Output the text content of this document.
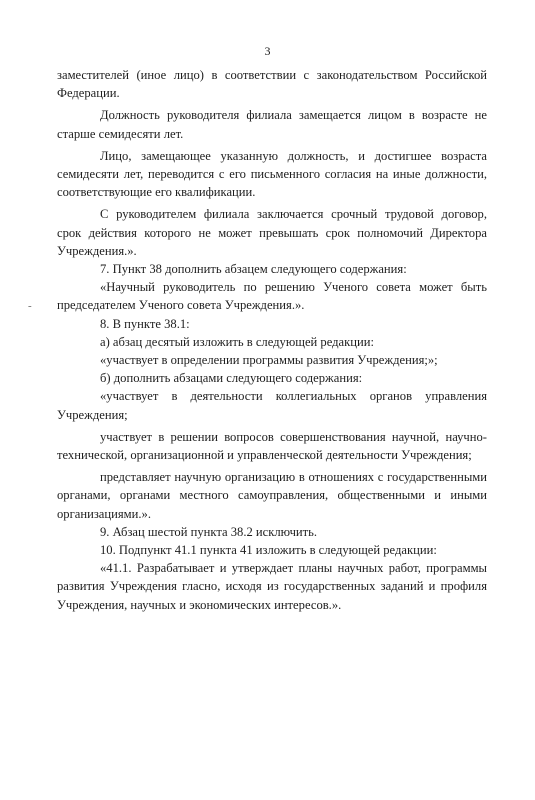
3
-

заместителей (иное лицо) в соответствии с законодательством Российской Федерации.

Должность руководителя филиала замещается лицом в возрасте не старше семидесяти лет.

Лицо, замещающее указанную должность, и достигшее возраста семидесяти лет, переводится с его письменного согласия на иные должности, соответствующие его квалификации.

С руководителем филиала заключается срочный трудовой договор, срок действия которого не может превышать срок полномочий Директора Учреждения.».

7. Пункт 38 дополнить абзацем следующего содержания:

«Научный руководитель по решению Ученого совета может быть председателем Ученого совета Учреждения.».

8. В пункте 38.1:

а) абзац десятый изложить в следующей редакции:

«участвует в определении программы развития Учреждения;»;

б) дополнить абзацами следующего содержания:

«участвует в деятельности коллегиальных органов управления Учреждения;

участвует в решении вопросов совершенствования научной, научно-технической, организационной и управленческой деятельности Учреждения;

представляет научную организацию в отношениях с государственными органами, органами местного самоуправления, общественными и иными организациями.».

9. Абзац шестой пункта 38.2 исключить.

10. Подпункт 41.1 пункта 41 изложить в следующей редакции:

«41.1. Разрабатывает и утверждает планы научных работ, программы развития Учреждения гласно, исходя из государственных заданий и профиля Учреждения, научных и экономических интересов.».
